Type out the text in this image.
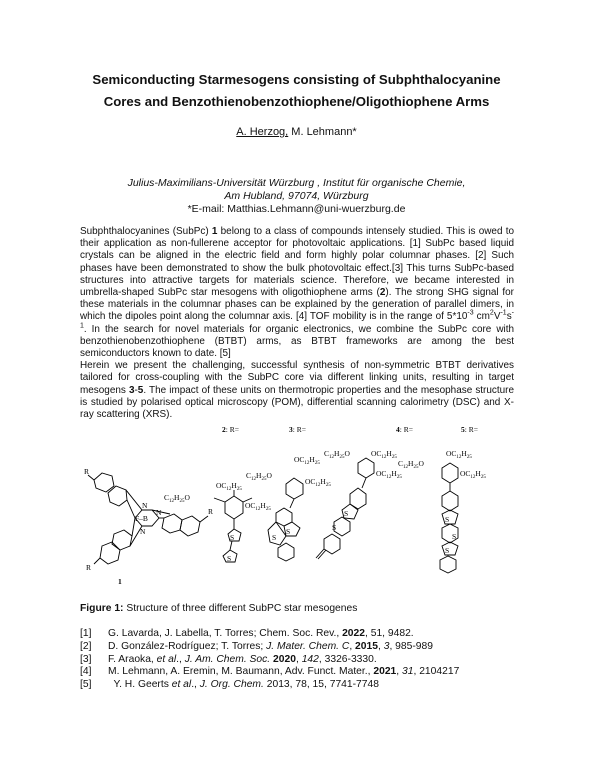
Semiconducting Starmesogens consisting of Subphthalocyanine
Cores and Benzothienobenzothiophene/Oligothiophene Arms
A. Herzog, M. Lehmann*
Julius-Maximilians-Universität Würzburg , Institut für organische Chemie,
Am Hubland, 97074, Würzburg
*E-mail: Matthias.Lehmann@uni-wuerzburg.de

Subphthalocyanines (SubPc) 1 belong to a class of compounds intensely studied. This is owed to their application as non-fullerene acceptor for photovoltaic applications. [1] SubPc based liquid crystals can be aligned in the electric field and form highly polar columnar phases. [2] Such phases have been demonstrated to show the bulk photovoltaic effect.[3] This turns SubPc-based structures into attractive targets for materials science. Therefore, we became interested in umbrella-shaped SubPc star mesogens with oligothiophene arms (2). The strong SHG signal for these materials in the columnar phases can be explained by the generation of parallel dimers, in which the dipoles point along the columnar axis. [4] TOF mobility is in the range of $5*10^{-3}$ $cm^2V^{-1}s^{-1}$. In the search for novel materials for organic electronics, we combine the SubPc core with benzothienobenzothiophene (BTBT) arms, as BTBT frameworks are among the best semiconductors known to date. [5]

Herein we present the challenging, successful synthesis of non-symmetric BTBT derivatives tailored for cross-coupling with the SubPC core via different linking units, resulting in target mesogens 3-5. The impact of these units on thermotropic properties and the mesophase structure is studied by polarised optical microscopy (POM), differential scanning calorimetry (DSC) and X-ray scattering (XRS).

2: R=	3: R=	4: R=	5: R=
R
R
R
1
F–B
N
N
N
$C_{12}H_{25}O$
$OC_{12}H_{25}$
$OC_{12}H_{25}$
$C_{12}H_{25}O$
$OC_{12}H_{25}$
$OC_{12}H_{25}$
$C_{12}H_{25}O$	$OC_{12}H_{25}$
$OC_{12}H_{25}$
$C_{12}H_{25}O$
$OC_{12}H_{25}$
$OC_{12}H_{25}$
S
S
S
S
S
S
S
S
S
Figure 1: Structure of three different SubPC star mesogenes
[1]	G. Lavarda, J. Labella, T. Torres; Chem. Soc. Rev., 2022, 51, 9482.
[2]	D. González-Rodríguez; T. Torres; J. Mater. Chem. C, 2015, 3, 985-989
[3]	F. Araoka, et al., J. Am. Chem. Soc. 2020, 142, 3326-3330.
[4]	M. Lehmann, A. Eremin, M. Baumann, Adv. Funct. Mater., 2021, 31, 2104217
[5]	Y. H. Geerts et al., J. Org. Chem. 2013, 78, 15, 7741-7748
